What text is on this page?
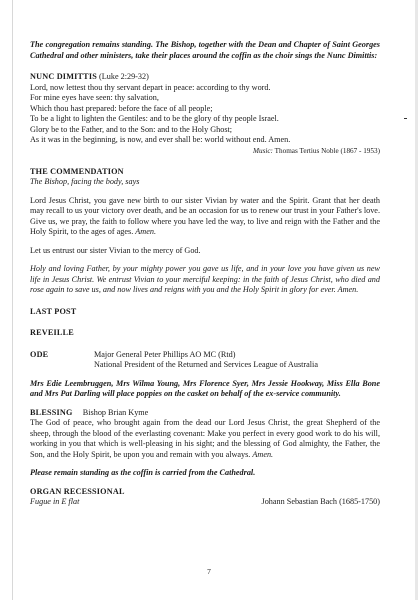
The congregation remains standing. The Bishop, together with the Dean and Chapter of Saint Georges Cathedral and other ministers, take their places around the coffin as the choir sings the Nunc Dimittis:

NUNC DIMITTIS (Luke 2:29-32)

Lord, now lettest thou thy servant depart in peace: according to thy word.

For mine eyes have seen: thy salvation,

Which thou hast prepared: before the face of all people;

To be a light to lighten the Gentiles: and to be the glory of thy people Israel.

Glory be to the Father, and to the Son: and to the Holy Ghost;

As it was in the beginning, is now, and ever shall be: world without end. Amen.

Music: Thomas Tertius Noble (1867 - 1953)

THE COMMENDATION

The Bishop, facing the body, says

Lord Jesus Christ, you gave new birth to our sister Vivian by water and the Spirit. Grant that her death may recall to us your victory over death, and be an occasion for us to renew our trust in your Father's love. Give us, we pray, the faith to follow where you have led the way, to live and reign with the Father and the Holy Spirit, to the ages of ages. Amen.

Let us entrust our sister Vivian to the mercy of God.

Holy and loving Father, by your mighty power you gave us life, and in your love you have given us new life in Jesus Christ. We entrust Vivian to your merciful keeping: in the faith of Jesus Christ, who died and rose again to save us, and now lives and reigns with you and the Holy Spirit in glory for ever. Amen.

LAST POST

REVEILLE

ODE	Major General Peter Phillips AO MC (Rtd)

National President of the Returned and Services League of Australia

Mrs Edie Leembruggen, Mrs Wilma Young, Mrs Florence Syer, Mrs Jessie Hookway, Miss Ella Bone and Mrs Pat Darling will place poppies on the casket on behalf of the ex-service community.

BLESSING Bishop Brian Kyme

The God of peace, who brought again from the dead our Lord Jesus Christ, the great Shepherd of the sheep, through the blood of the everlasting covenant: Make you perfect in every good work to do his will, working in you that which is well-pleasing in his sight; and the blessing of God almighty, the Father, the Son, and the Holy Spirit, be upon you and remain with you always. Amen.

Please remain standing as the coffin is carried from the Cathedral.

ORGAN RECESSIONAL

Fugue in E flat	Johann Sebastian Bach (1685-1750)
7
